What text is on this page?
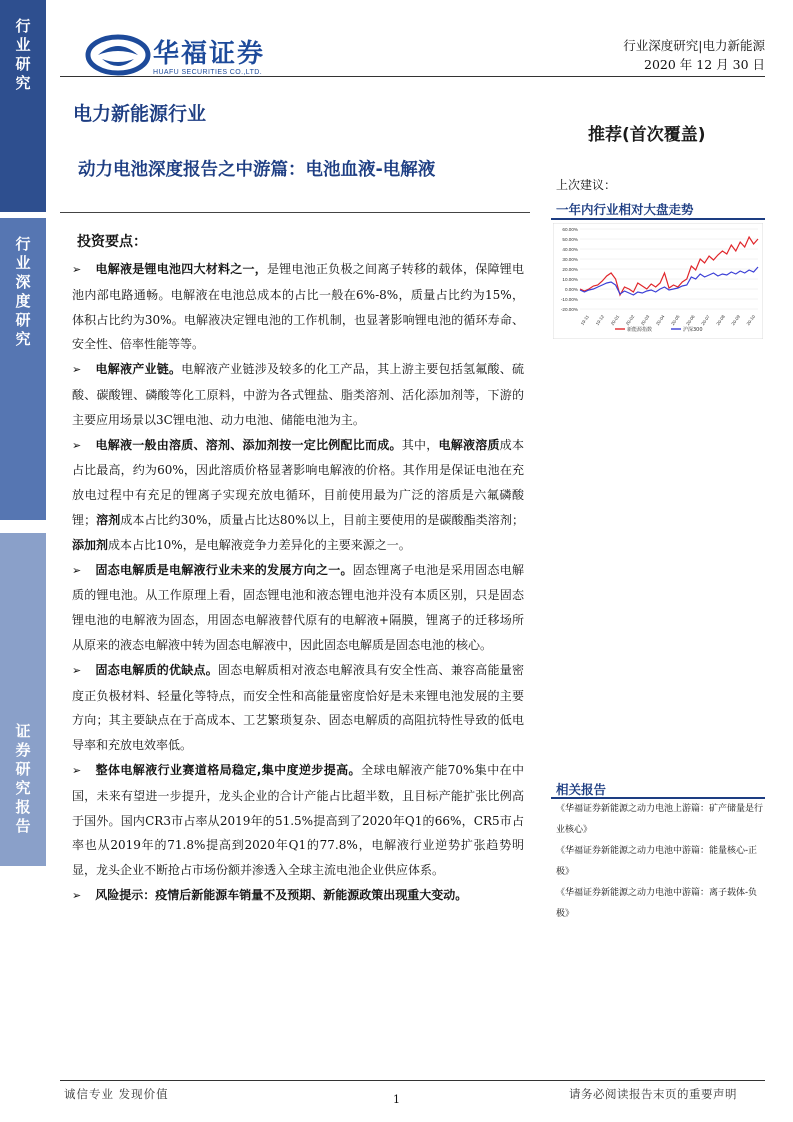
行业研究
行业深度研究
证券研究报告
华福证券
HUAFU SECURITIES CO.,LTD.
行业深度研究|电力新能源
2020 年 12 月 30 日
电力新能源行业
推荐(首次覆盖)
动力电池深度报告之中游篇：电池血液-电解液
上次建议：
一年内行业相对大盘走势
60.00%
50.00%
40.00%
30.00%
20.00%
10.00%
0.00%
-10.00%
-20.00%
19-11 19-12 20-01 20-02 20-03 20-04 20-05 20-06 20-07 20-08 20-09 20-10
新能源指数	沪深300
投资要点：
➢ 电解液是锂电池四大材料之一，是锂电池正负极之间离子转移的载体，保障锂电池内部电路通畅。电解液在电池总成本的占比一般在6%-8%，质量占比约为15%，体积占比约为30%。电解液决定锂电池的工作机制，也显著影响锂电池的循环寿命、安全性、倍率性能等等。
➢ 电解液产业链。电解液产业链涉及较多的化工产品，其上游主要包括氢氟酸、硫酸、碳酸锂、磷酸等化工原料，中游为各式锂盐、脂类溶剂、活化添加剂等，下游的主要应用场景以3C锂电池、动力电池、储能电池为主。
➢ 电解液一般由溶质、溶剂、添加剂按一定比例配比而成。其中，电解液溶质成本占比最高，约为60%，因此溶质价格显著影响电解液的价格。其作用是保证电池在充放电过程中有充足的锂离子实现充放电循环，目前使用最为广泛的溶质是六氟磷酸锂；溶剂成本占比约30%，质量占比达80%以上，目前主要使用的是碳酸酯类溶剂；添加剂成本占比10%，是电解液竞争力差异化的主要来源之一。
➢ 固态电解质是电解液行业未来的发展方向之一。固态锂离子电池是采用固态电解质的锂电池。从工作原理上看，固态锂电池和液态锂电池并没有本质区别，只是固态锂电池的电解液为固态，用固态电解液替代原有的电解液+隔膜，锂离子的迁移场所从原来的液态电解液中转为固态电解液中，因此固态电解质是固态电池的核心。
➢ 固态电解质的优缺点。固态电解质相对液态电解液具有安全性高、兼容高能量密度正负极材料、轻量化等特点，而安全性和高能量密度恰好是未来锂电池发展的主要方向；其主要缺点在于高成本、工艺繁琐复杂、固态电解质的高阻抗特性导致的低电导率和充放电效率低。
➢ 整体电解液行业赛道格局稳定,集中度逆步提高。全球电解液产能70%集中在中国，未来有望进一步提升，龙头企业的合计产能占比超半数，且目标产能扩张比例高于国外。国内CR3市占率从2019年的51.5%提高到了2020年Q1的66%，CR5市占率也从2019年的71.8%提高到2020年Q1的77.8%，电解液行业逆势扩张趋势明显，龙头企业不断抢占市场份额并渗透入全球主流电池企业供应体系。
➢ 风险提示：疫情后新能源车销量不及预期、新能源政策出现重大变动。
相关报告
《华福证券新能源之动力电池上游篇：矿产储量是行业核心》
《华福证券新能源之动力电池中游篇：能量核心-正极》
《华福证券新能源之动力电池中游篇：离子载体-负极》
诚信专业 发现价值	1	请务必阅读报告末页的重要声明
